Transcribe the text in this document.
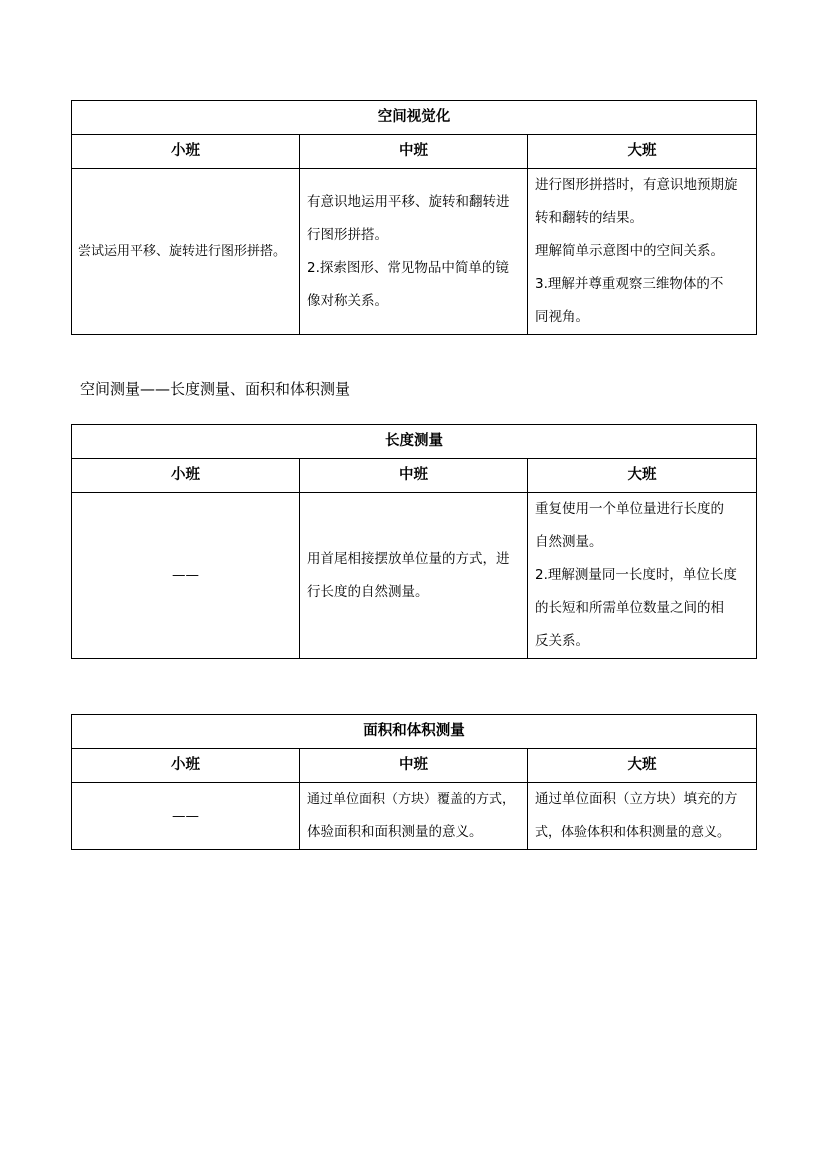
空间视觉化		
小班	中班	大班

尝试运用平移、旋转进行图形拼搭。	有意识地运用平移、旋转和翻转进
行图形拼搭。
2.探索图形、常见物品中简单的镜
像对称关系。	进行图形拼搭时，有意识地预期旋
转和翻转的结果。
理解简单示意图中的空间关系。
3.理解并尊重观察三维物体的不
同视角。
空间测量——长度测量、面积和体积测量
长度测量		
小班	中班	大班

——	用首尾相接摆放单位量的方式，进
行长度的自然测量。	重复使用一个单位量进行长度的
自然测量。
2.理解测量同一长度时，单位长度
的长短和所需单位数量之间的相
反关系。
面积和体积测量		
小班	中班	大班

——	通过单位面积（方块）覆盖的方式，
体验面积和面积测量的意义。	通过单位面积（立方块）填充的方
式，体验体积和体积测量的意义。
